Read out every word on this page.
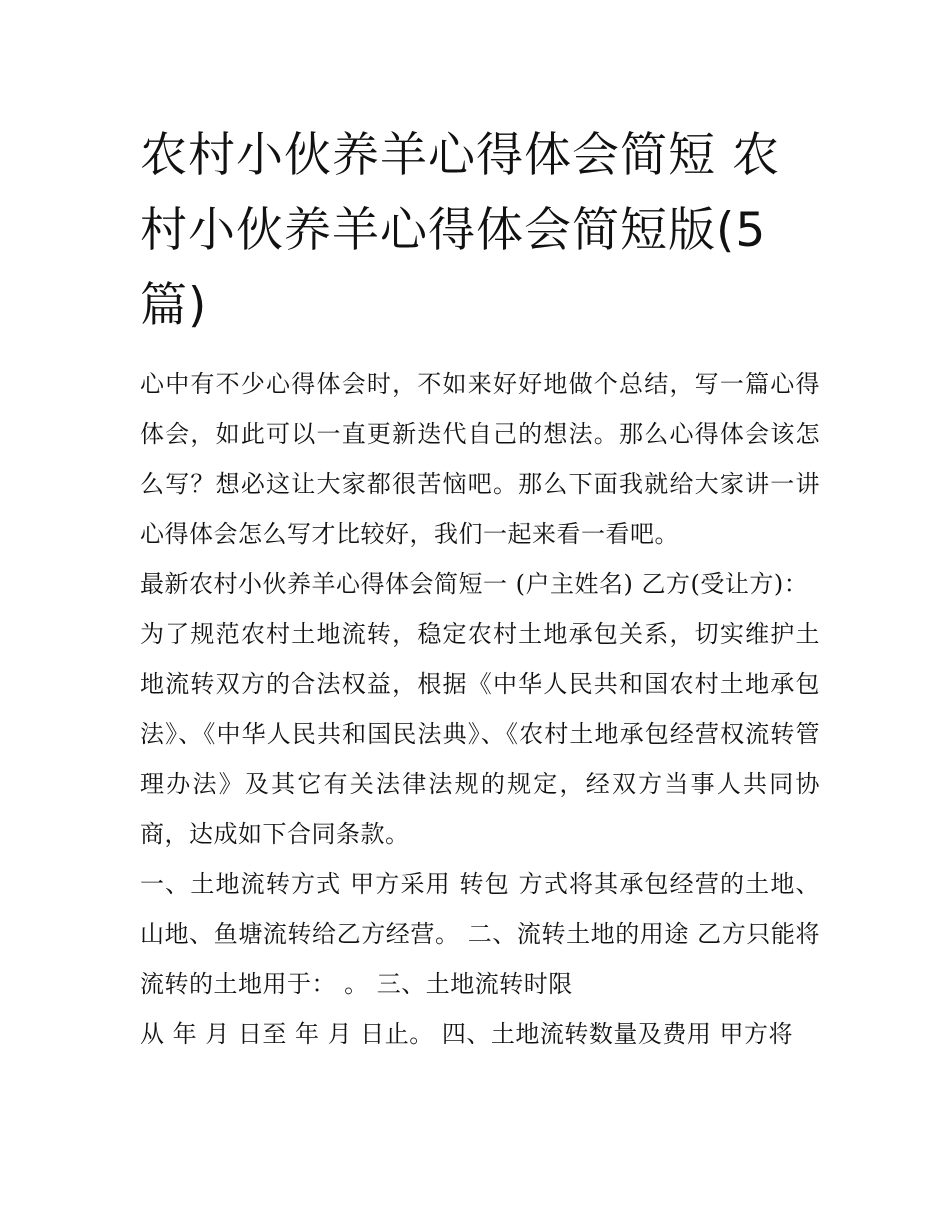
农村小伙养羊心得体会简短 农村小伙养羊心得体会简短版(5篇)

心中有不少心得体会时，不如来好好地做个总结，写一篇心得体会，如此可以一直更新迭代自己的想法。那么心得体会该怎么写？想必这让大家都很苦恼吧。那么下面我就给大家讲一讲心得体会怎么写才比较好，我们一起来看一看吧。

最新农村小伙养羊心得体会简短一 (户主姓名) 乙方(受让方)：

为了规范农村土地流转，稳定农村土地承包关系，切实维护土地流转双方的合法权益，根据《中华人民共和国农村土地承包法》、《中华人民共和国民法典》、《农村土地承包经营权流转管理办法》及其它有关法律法规的规定，经双方当事人共同协商，达成如下合同条款。

一、土地流转方式 甲方采用 转包 方式将其承包经营的土地、山地、鱼塘流转给乙方经营。 二、流转土地的用途 乙方只能将流转的土地用于： 。 三、土地流转时限

从 年 月 日至 年 月 日止。 四、土地流转数量及费用 甲方将
